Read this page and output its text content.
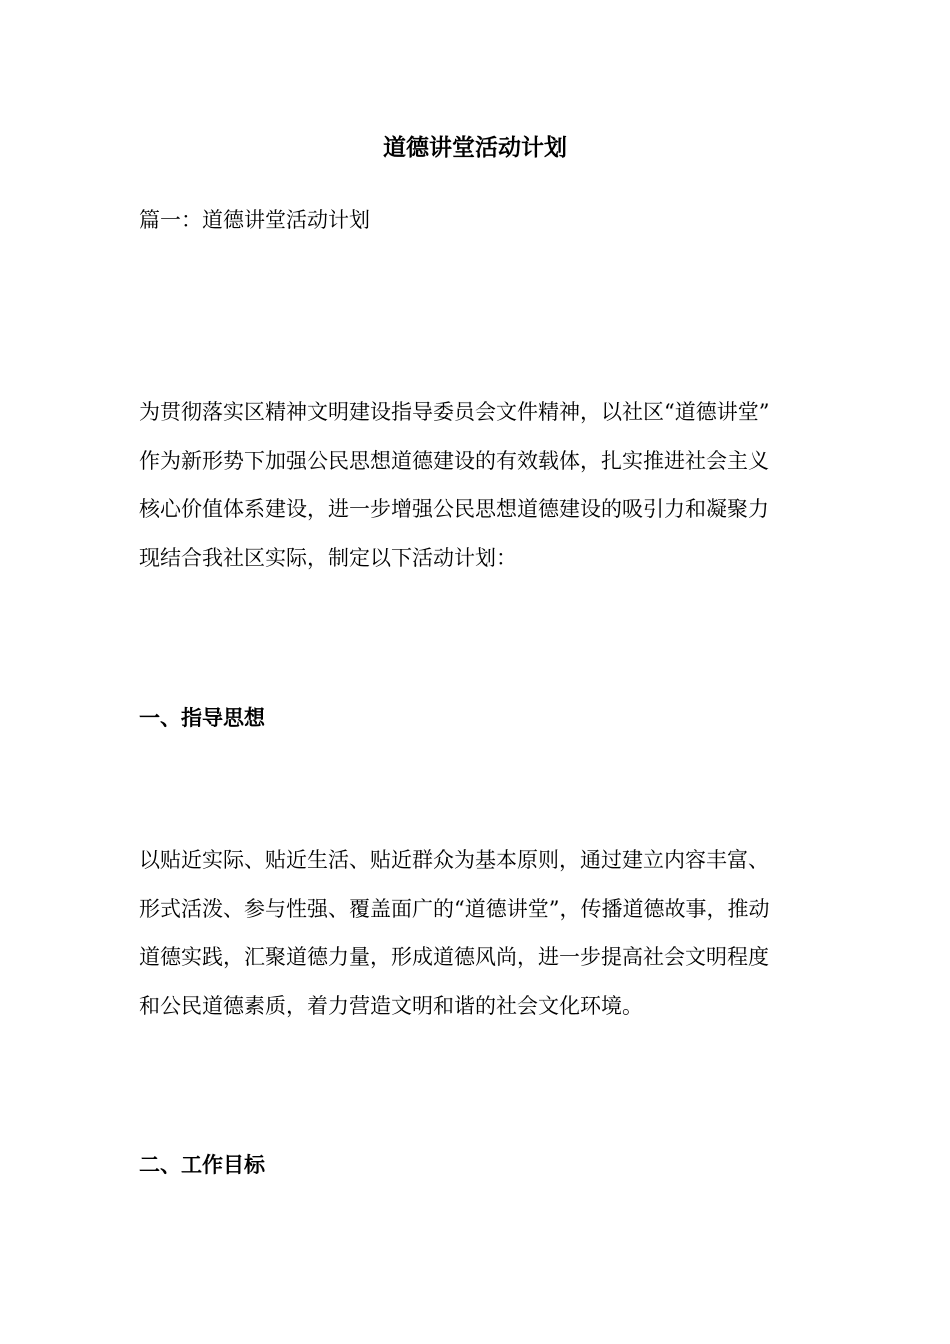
道德讲堂活动计划

篇一：道德讲堂活动计划

为贯彻落实区精神文明建设指导委员会文件精神，以社区“道德讲堂”
作为新形势下加强公民思想道德建设的有效载体，扎实推进社会主义
核心价值体系建设，进一步增强公民思想道德建设的吸引力和凝聚力
现结合我社区实际，制定以下活动计划：

一、指导思想

以贴近实际、贴近生活、贴近群众为基本原则，通过建立内容丰富、
形式活泼、参与性强、覆盖面广的“道德讲堂”，传播道德故事，推动
道德实践，汇聚道德力量，形成道德风尚，进一步提高社会文明程度
和公民道德素质，着力营造文明和谐的社会文化环境。

二、工作目标
